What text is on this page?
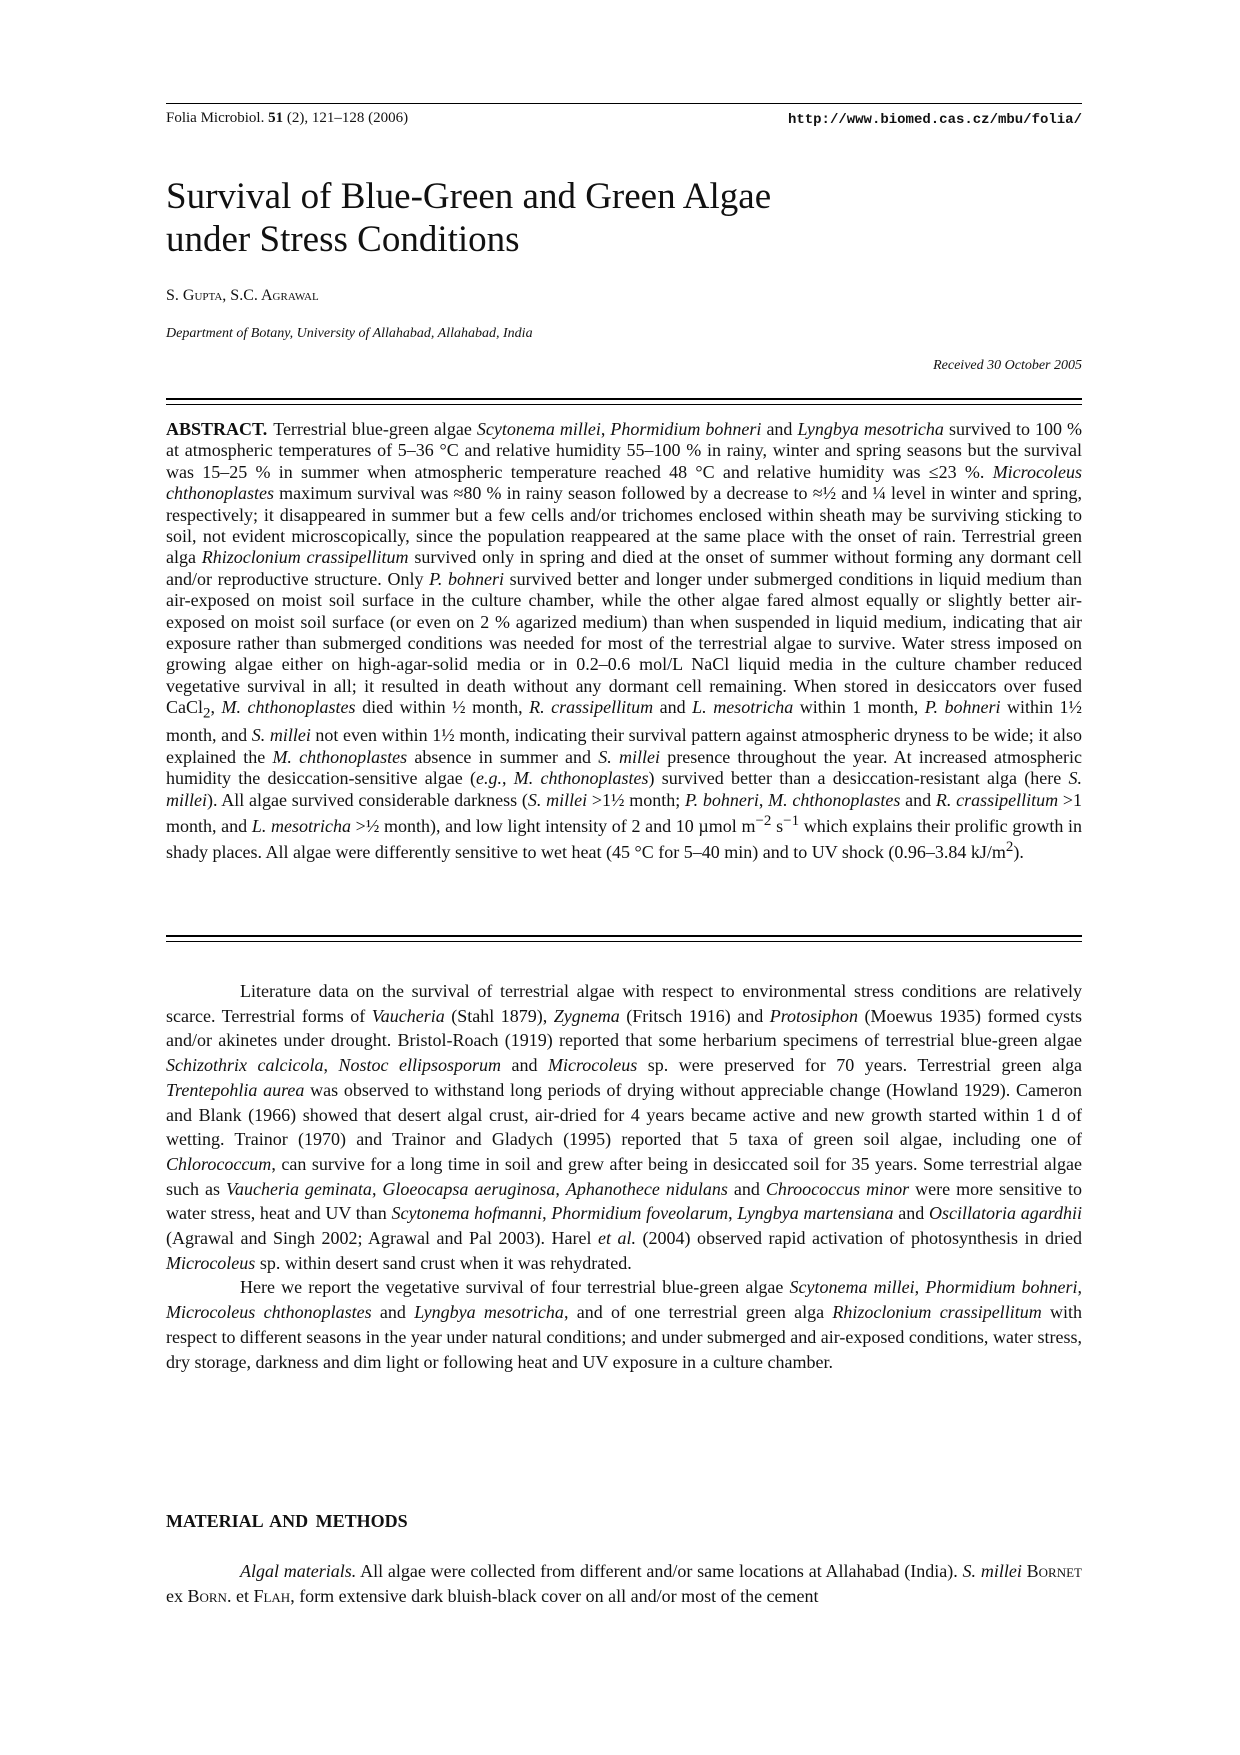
Folia Microbiol. 51 (2), 121–128 (2006)	http://www.biomed.cas.cz/mbu/folia/
Survival of Blue-Green and Green Algae
under Stress Conditions
S. Gupta, S.C. Agrawal
Department of Botany, University of Allahabad, Allahabad, India
Received 30 October 2005

ABSTRACT. Terrestrial blue-green algae Scytonema millei, Phormidium bohneri and Lyngbya mesotricha survived to 100 % at atmospheric temperatures of 5–36 °C and relative humidity 55–100 % in rainy, winter and spring seasons but the survival was 15–25 % in summer when atmospheric temperature reached 48 °C and relative humidity was ≤23 %. Microcoleus chthonoplastes maximum survival was ≈80 % in rainy season followed by a decrease to ≈½ and ¼ level in winter and spring, respectively; it disappeared in summer but a few cells and/or trichomes enclosed within sheath may be surviving sticking to soil, not evident microscopically, since the population reappeared at the same place with the onset of rain. Terrestrial green alga Rhizoclonium crassipellitum survived only in spring and died at the onset of summer without forming any dormant cell and/or reproductive structure. Only P. bohneri survived better and longer under submerged conditions in liquid medium than air-exposed on moist soil surface in the culture chamber, while the other algae fared almost equally or slightly better air-exposed on moist soil surface (or even on 2 % agarized medium) than when suspended in liquid medium, indicating that air exposure rather than submerged conditions was needed for most of the terrestrial algae to survive. Water stress imposed on growing algae either on high-agar-solid media or in 0.2–0.6 mol/L NaCl liquid media in the culture chamber reduced vegetative survival in all; it resulted in death without any dormant cell remaining. When stored in desiccators over fused CaCl$_2$, M. chthonoplastes died within ½ month, R. crassipellitum and L. mesotricha within 1 month, P. bohneri within 1½ month, and S. millei not even within 1½ month, indicating their survival pattern against atmospheric dryness to be wide; it also explained the M. chthonoplastes absence in summer and S. millei presence throughout the year. At increased atmospheric humidity the desiccation-sensitive algae (e.g., M. chthonoplastes) survived better than a desiccation-resistant alga (here S. millei). All algae survived considerable darkness (S. millei >1½ month; P. bohneri, M. chthonoplastes and R. crassipellitum >1 month, and L. mesotricha >½ month), and low light intensity of 2 and 10 µmol $m^{-2}$ $s^{-1}$ which explains their prolific growth in shady places. All algae were differently sensitive to wet heat (45 °C for 5–40 min) and to UV shock (0.96–3.84 $kJ/m^2$).

Literature data on the survival of terrestrial algae with respect to environmental stress conditions are relatively scarce. Terrestrial forms of Vaucheria (Stahl 1879), Zygnema (Fritsch 1916) and Protosiphon (Moewus 1935) formed cysts and/or akinetes under drought. Bristol-Roach (1919) reported that some herbarium specimens of terrestrial blue-green algae Schizothrix calcicola, Nostoc ellipsosporum and Microcoleus sp. were preserved for 70 years. Terrestrial green alga Trentepohlia aurea was observed to withstand long periods of drying without appreciable change (Howland 1929). Cameron and Blank (1966) showed that desert algal crust, air-dried for 4 years became active and new growth started within 1 d of wetting. Trainor (1970) and Trainor and Gladych (1995) reported that 5 taxa of green soil algae, including one of Chlorococcum, can survive for a long time in soil and grew after being in desiccated soil for 35 years. Some terrestrial algae such as Vaucheria geminata, Gloeocapsa aeruginosa, Aphanothece nidulans and Chroococcus minor were more sensitive to water stress, heat and UV than Scytonema hofmanni, Phormidium foveolarum, Lyngbya martensiana and Oscillatoria agardhii (Agrawal and Singh 2002; Agrawal and Pal 2003). Harel et al. (2004) observed rapid activation of photosynthesis in dried Microcoleus sp. within desert sand crust when it was rehydrated.

Here we report the vegetative survival of four terrestrial blue-green algae Scytonema millei, Phormidium bohneri, Microcoleus chthonoplastes and Lyngbya mesotricha, and of one terrestrial green alga Rhizoclonium crassipellitum with respect to different seasons in the year under natural conditions; and under submerged and air-exposed conditions, water stress, dry storage, darkness and dim light or following heat and UV exposure in a culture chamber.

MATERIAL AND METHODS

Algal materials. All algae were collected from different and/or same locations at Allahabad (India). S. millei Bornet ex Born. et Flah, form extensive dark bluish-black cover on all and/or most of the cement
